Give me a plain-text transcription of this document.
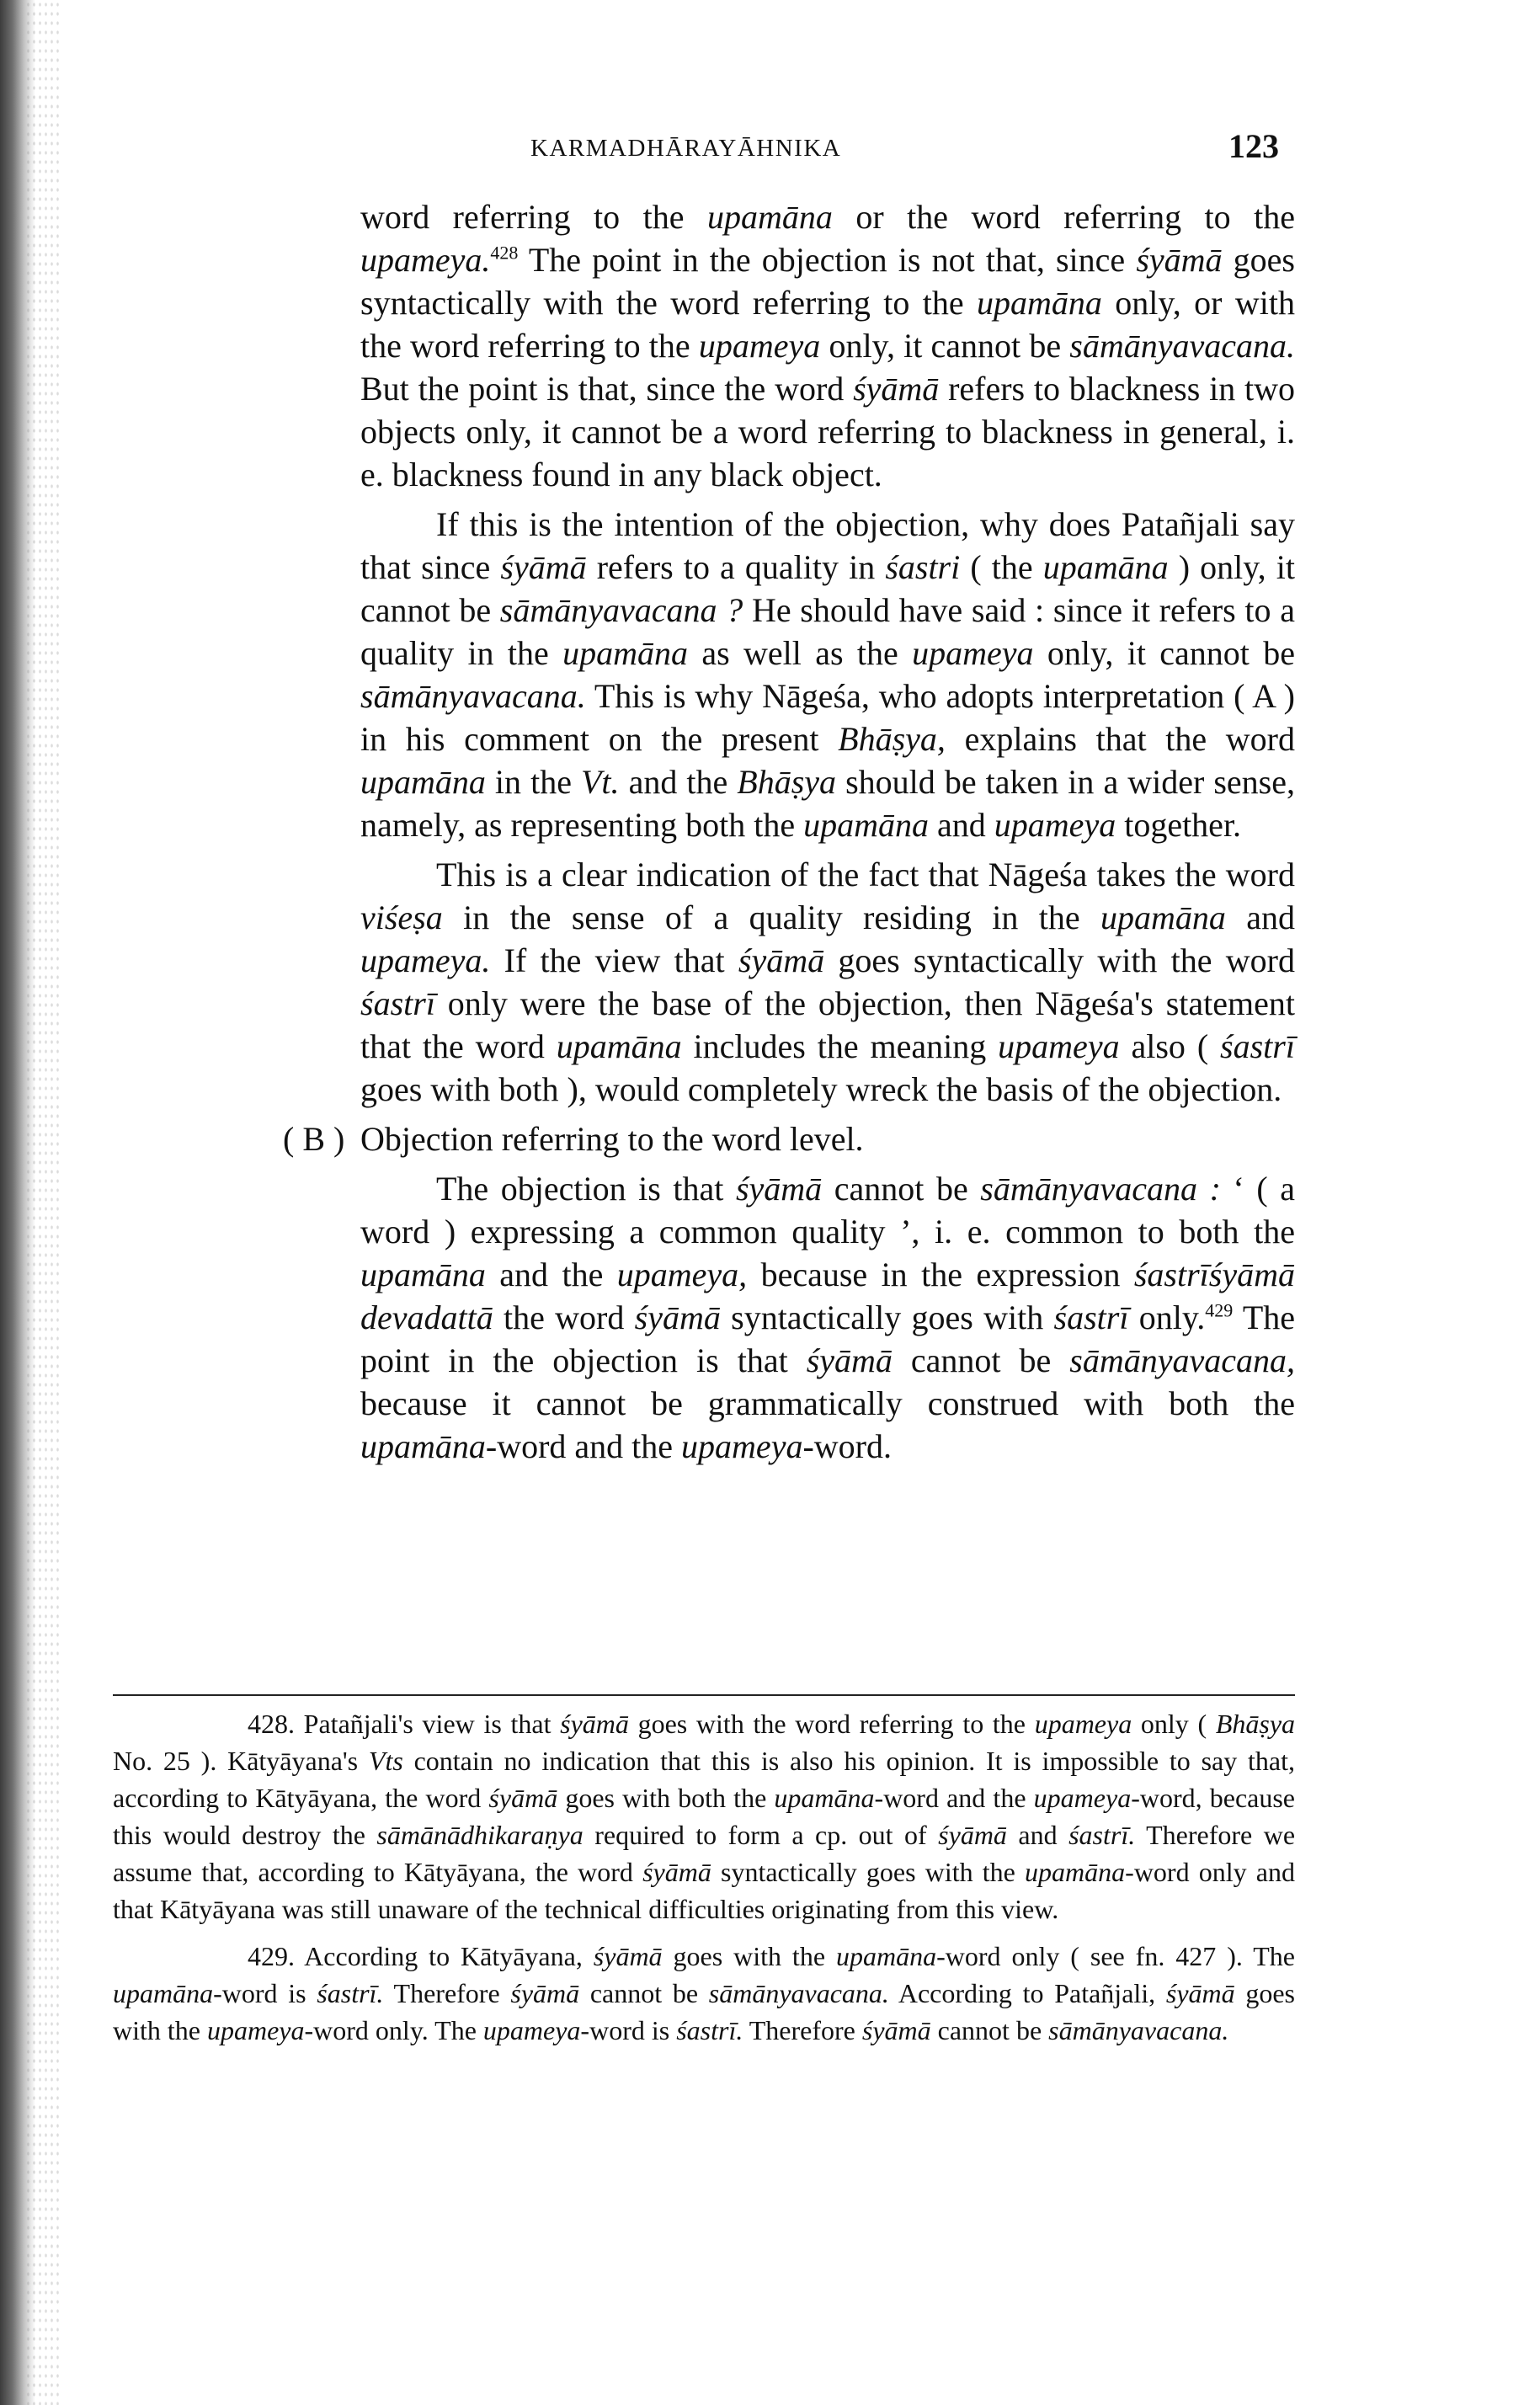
KARMADHĀRAYĀHNIKA	123

word referring to the upamāna or the word referring to the upameya.$^{428}$ The point in the objection is not that, since śyāmā goes syntactically with the word referring to the upamāna only, or with the word referring to the upameya only, it cannot be sāmānyavacana. But the point is that, since the word śyāmā refers to blackness in two objects only, it cannot be a word referring to blackness in general, i. e. blackness found in any black object.

If this is the intention of the objection, why does Patañjali say that since śyāmā refers to a quality in śastri ( the upamāna ) only, it cannot be sāmānyavacana ? He should have said : since it refers to a quality in the upamāna as well as the upameya only, it cannot be sāmānyavacana. This is why Nāgeśa, who adopts interpretation ( A ) in his comment on the present Bhāṣya, explains that the word upamāna in the Vt. and the Bhāṣya should be taken in a wider sense, namely, as representing both the upamāna and upameya together.

This is a clear indication of the fact that Nāgeśa takes the word viśeṣa in the sense of a quality residing in the upamāna and upameya. If the view that śyāmā goes syntactically with the word śastrī only were the base of the objection, then Nāgeśa's statement that the word upamāna includes the meaning upameya also ( śastrī goes with both ), would completely wreck the basis of the objection.

( B ) Objection referring to the word level.

The objection is that śyāmā cannot be sāmānyavacana : ‘ ( a word ) expressing a common quality ’, i. e. common to both the upamāna and the upameya, because in the expression śastrīśyāmā devadattā the word śyāmā syntactically goes with śastrī only.$^{429}$ The point in the objection is that śyāmā cannot be sāmānyavacana, because it cannot be grammatically construed with both the upamāna-word and the upameya-word.

428. Patañjali's view is that śyāmā goes with the word referring to the upameya only ( Bhāṣya No. 25 ). Kātyāyana's Vts contain no indication that this is also his opinion. It is impossible to say that, according to Kātyāyana, the word śyāmā goes with both the upamāna-word and the upameya-word, because this would destroy the sāmānādhikaraṇya required to form a cp. out of śyāmā and śastrī. Therefore we assume that, according to Kātyāyana, the word śyāmā syntactically goes with the upamāna-word only and that Kātyāyana was still unaware of the technical difficulties originating from this view.

429. According to Kātyāyana, śyāmā goes with the upamāna-word only ( see fn. 427 ). The upamāna-word is śastrī. Therefore śyāmā cannot be sāmānyavacana. According to Patañjali, śyāmā goes with the upameya-word only. The upameya-word is śastrī. Therefore śyāmā cannot be sāmānyavacana.
